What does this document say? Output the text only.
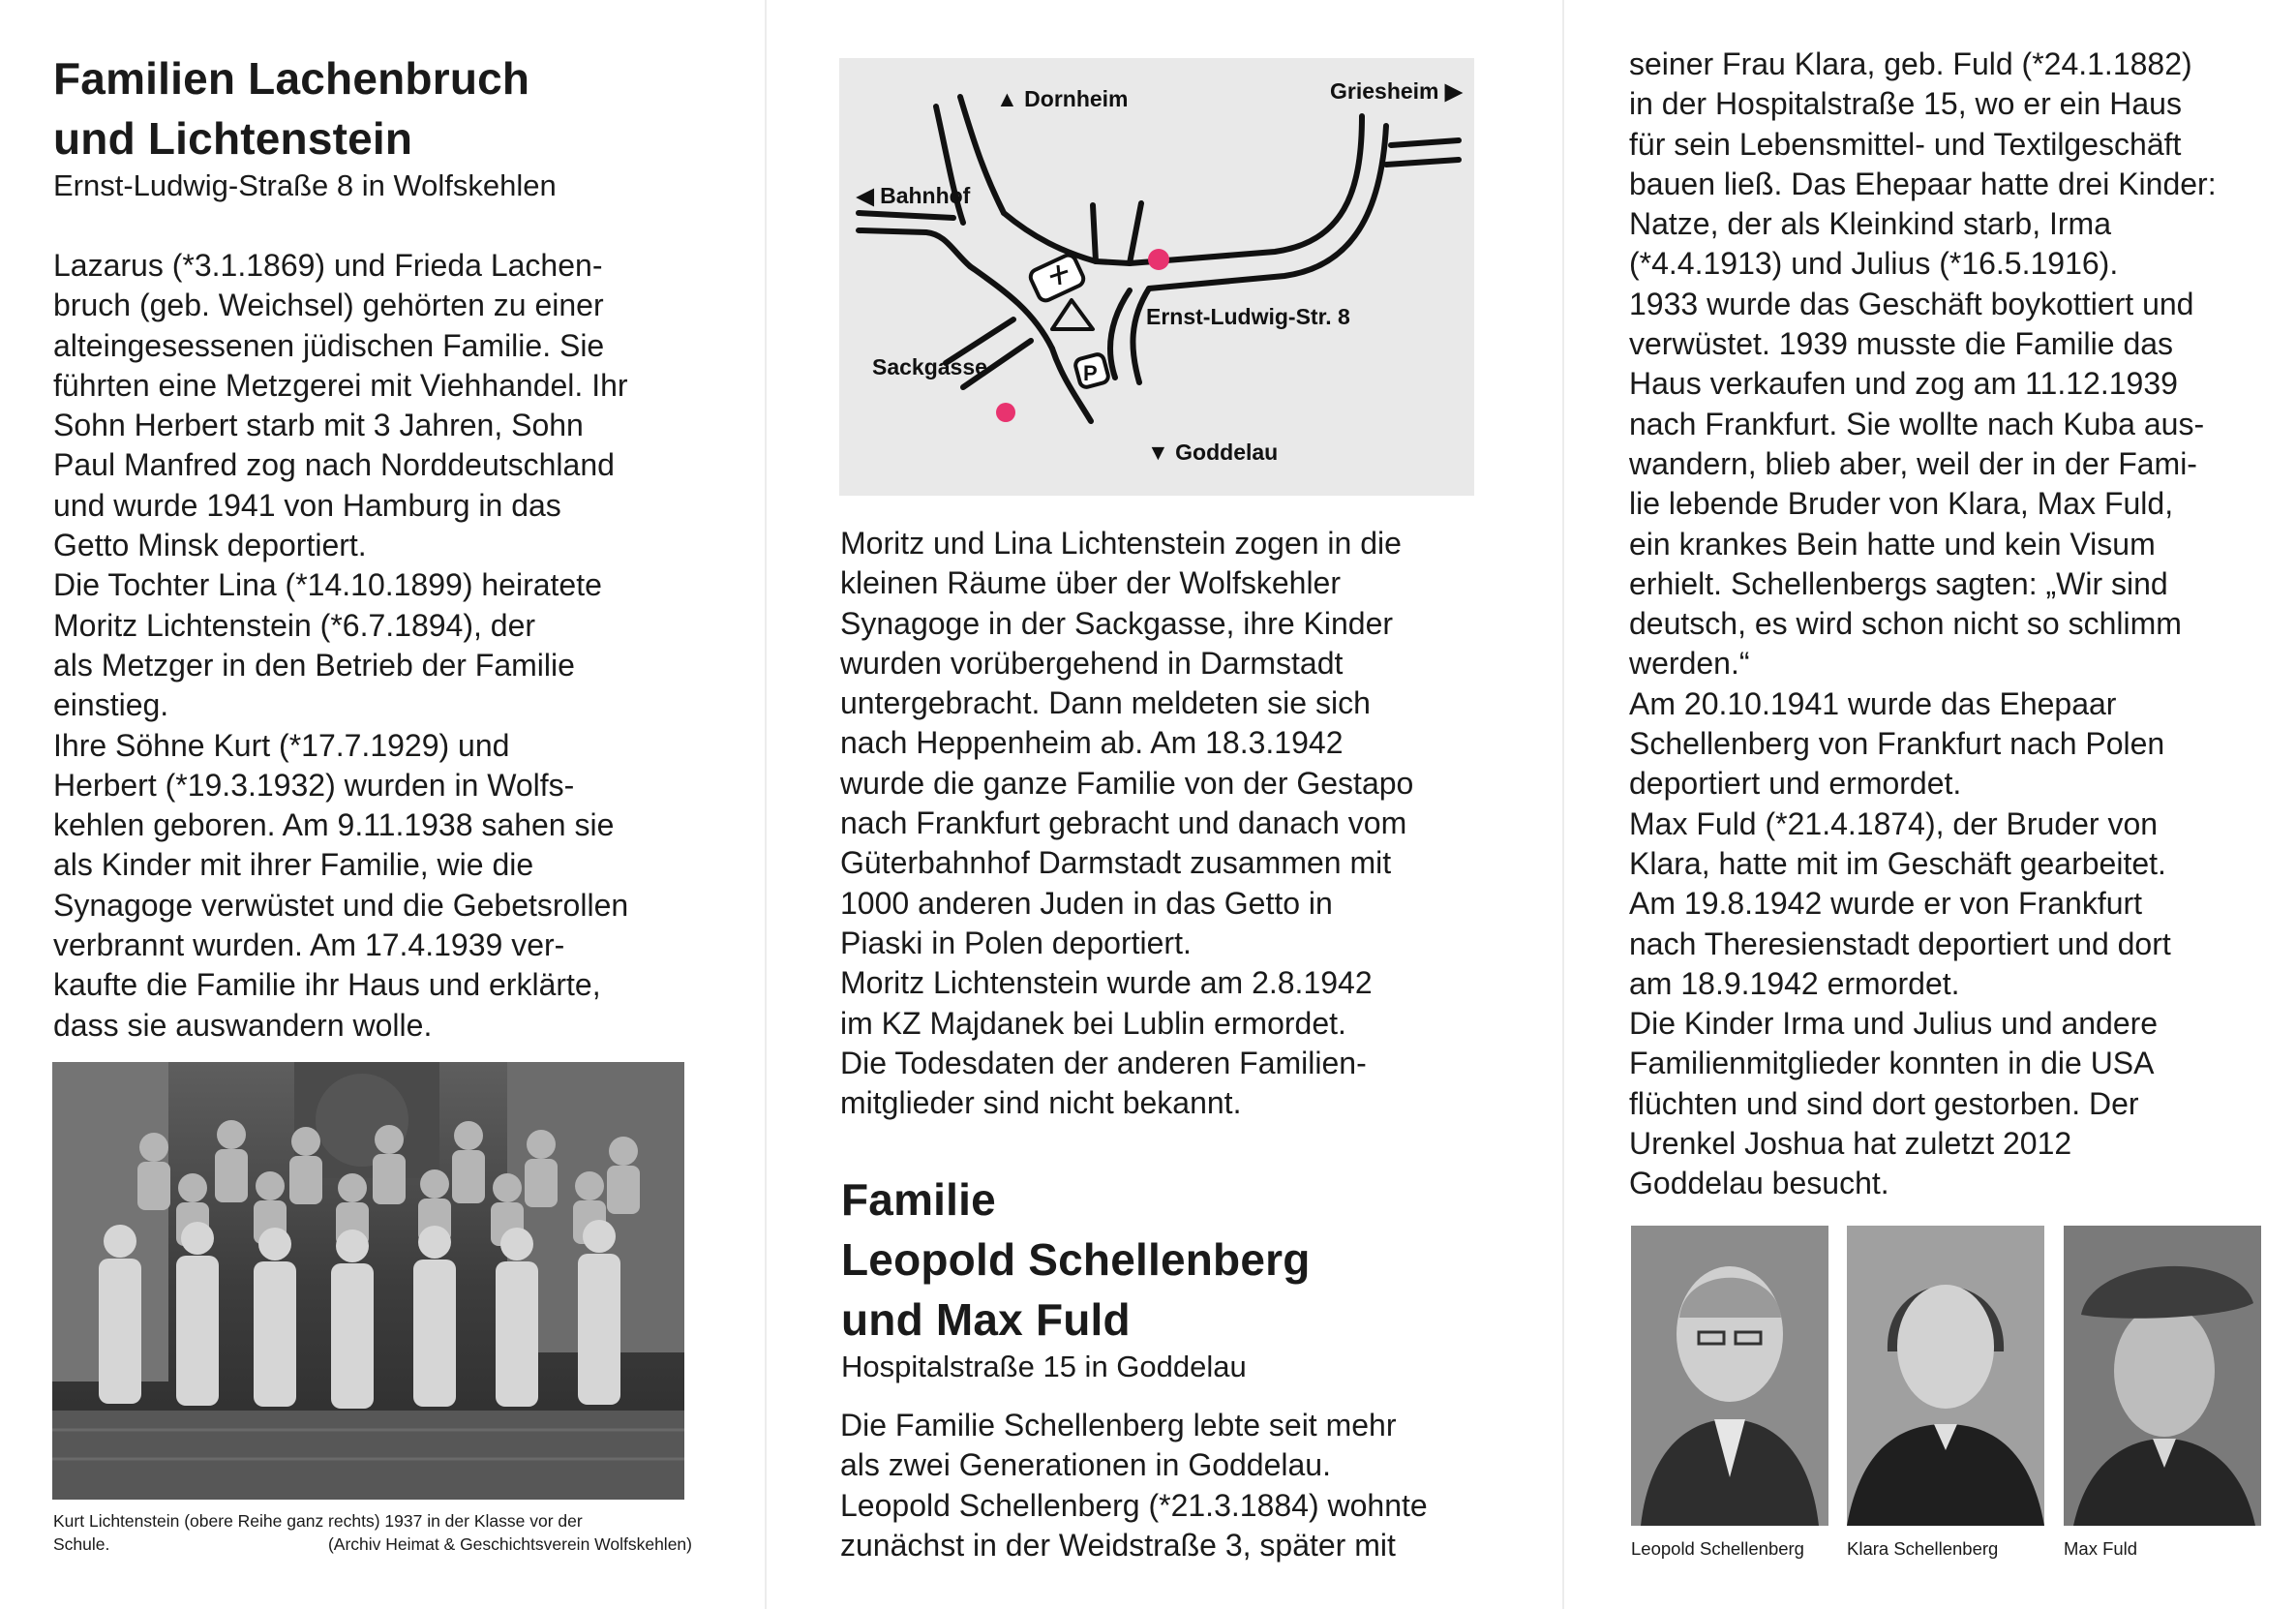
Familien Lachenbruch
und Lichtenstein
Ernst-Ludwig-Straße 8 in Wolfskehlen
Lazarus (*3.1.1869) und Frieda Lachen-
bruch (geb. Weichsel) gehörten zu einer
alteingesessenen jüdischen Familie. Sie
führten eine Metzgerei mit Viehhandel. Ihr
Sohn Herbert starb mit 3 Jahren, Sohn
Paul Manfred zog nach Norddeutschland
und wurde 1941 von Hamburg in das
Getto Minsk deportiert.
Die Tochter Lina (*14.10.1899) heiratete
Moritz Lichtenstein (*6.7.1894), der
als Metzger in den Betrieb der Familie
einstieg.
Ihre Söhne Kurt (*17.7.1929) und
Herbert (*19.3.1932) wurden in Wolfs-
kehlen geboren. Am 9.11.1938 sahen sie
als Kinder mit ihrer Familie, wie die
Synagoge verwüstet und die Gebetsrollen
verbrannt wurden. Am 17.4.1939 ver-
kaufte die Familie ihr Haus und erklärte,
dass sie auswandern wolle.
Kurt Lichtenstein (obere Reihe ganz rechts) 1937 in der Klasse vor der
Schule.	(Archiv Heimat & Geschichtsverein Wolfskehlen)
P
▲ Dornheim	Griesheim ▶
◀ Bahnhof
Ernst-Ludwig-Str. 8
Sackgasse
▼ Goddelau
Moritz und Lina Lichtenstein zogen in die
kleinen Räume über der Wolfskehler
Synagoge in der Sackgasse, ihre Kinder
wurden vorübergehend in Darmstadt
untergebracht. Dann meldeten sie sich
nach Heppenheim ab. Am 18.3.1942
wurde die ganze Familie von der Gestapo
nach Frankfurt gebracht und danach vom
Güterbahnhof Darmstadt zusammen mit
1000 anderen Juden in das Getto in
Piaski in Polen deportiert.
Moritz Lichtenstein wurde am 2.8.1942
im KZ Majdanek bei Lublin ermordet.
Die Todesdaten der anderen Familien-
mitglieder sind nicht bekannt.
Familie
Leopold Schellenberg
und Max Fuld
Hospitalstraße 15 in Goddelau
Die Familie Schellenberg lebte seit mehr
als zwei Generationen in Goddelau.
Leopold Schellenberg (*21.3.1884) wohnte
zunächst in der Weidstraße 3, später mit
seiner Frau Klara, geb. Fuld (*24.1.1882)
in der Hospitalstraße 15, wo er ein Haus
für sein Lebensmittel- und Textilgeschäft
bauen ließ. Das Ehepaar hatte drei Kinder:
Natze, der als Kleinkind starb, Irma
(*4.4.1913) und Julius (*16.5.1916).
1933 wurde das Geschäft boykottiert und
verwüstet. 1939 musste die Familie das
Haus verkaufen und zog am 11.12.1939
nach Frankfurt. Sie wollte nach Kuba aus-
wandern, blieb aber, weil der in der Fami-
lie lebende Bruder von Klara, Max Fuld,
ein krankes Bein hatte und kein Visum
erhielt. Schellenbergs sagten: „Wir sind
deutsch, es wird schon nicht so schlimm
werden.“
Am 20.10.1941 wurde das Ehepaar
Schellenberg von Frankfurt nach Polen
deportiert und ermordet.
Max Fuld (*21.4.1874), der Bruder von
Klara, hatte mit im Geschäft gearbeitet.
Am 19.8.1942 wurde er von Frankfurt
nach Theresienstadt deportiert und dort
am 18.9.1942 ermordet.
Die Kinder Irma und Julius und andere
Familienmitglieder konnten in die USA
flüchten und sind dort gestorben. Der
Urenkel Joshua hat zuletzt 2012
Goddelau besucht.
Leopold Schellenberg Klara Schellenberg	Max Fuld
